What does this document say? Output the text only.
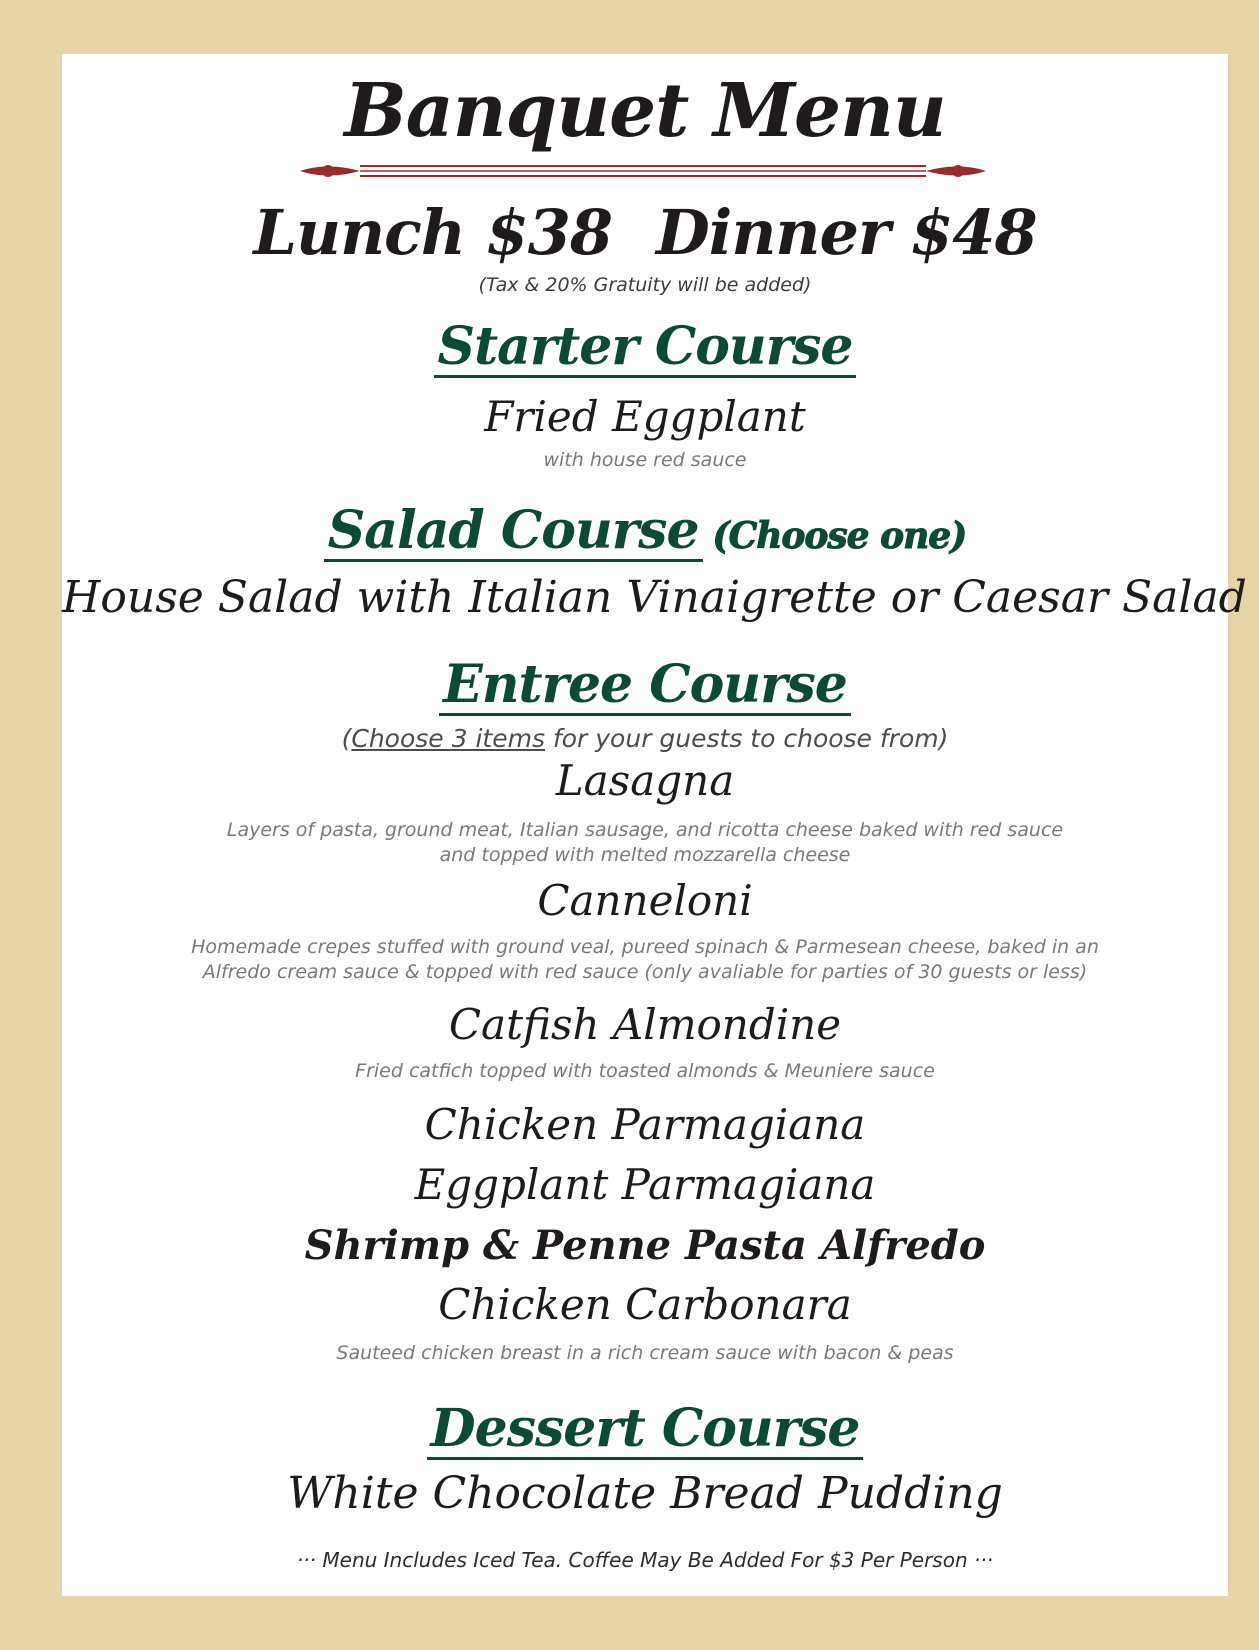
Banquet Menu
Lunch $38 Dinner $48
(Tax & 20% Gratuity will be added)
Starter Course
Fried Eggplant
with house red sauce
Salad Course (Choose one)
House Salad with Italian Vinaigrette or Caesar Salad
Entree Course
(Choose 3 items for your guests to choose from)
Lasagna
Layers of pasta, ground meat, Italian sausage, and ricotta cheese baked with red sauce
and topped with melted mozzarella cheese
Canneloni
Homemade crepes stuffed with ground veal, pureed spinach & Parmesean cheese, baked in an
Alfredo cream sauce & topped with red sauce (only avaliable for parties of 30 guests or less)
Catfish Almondine
Fried catfich topped with toasted almonds & Meuniere sauce
Chicken Parmagiana
Eggplant Parmagiana
Shrimp & Penne Pasta Alfredo
Chicken Carbonara
Sauteed chicken breast in a rich cream sauce with bacon & peas
Dessert Course
White Chocolate Bread Pudding
··· Menu Includes Iced Tea. Coffee May Be Added For $3 Per Person ···
